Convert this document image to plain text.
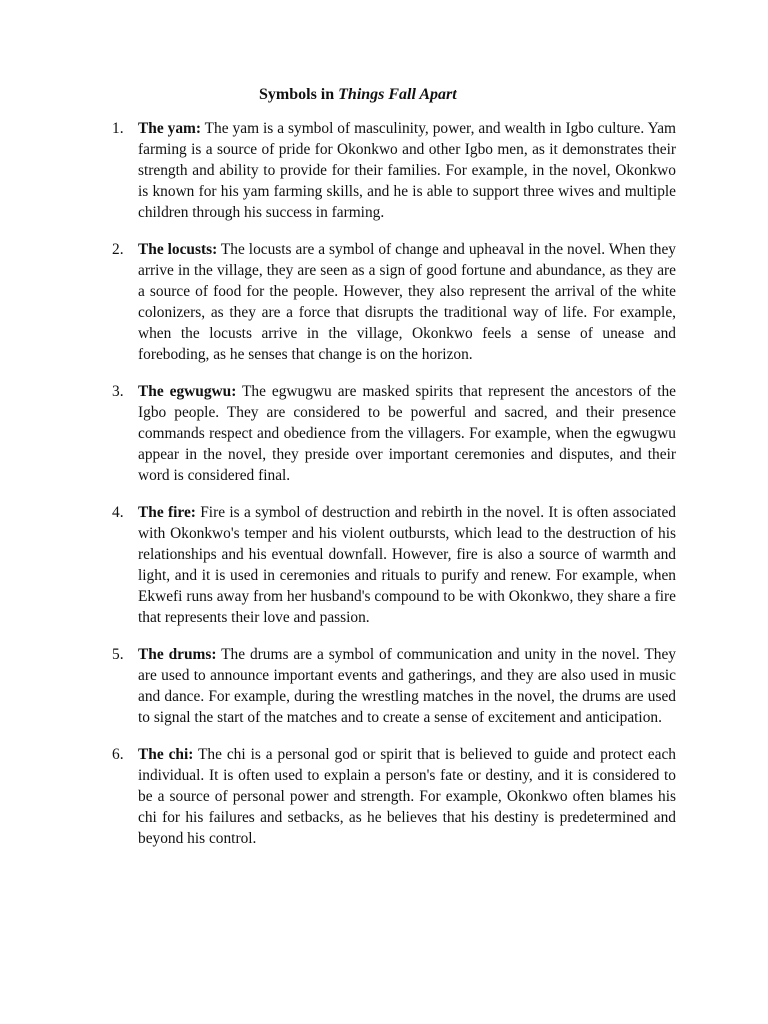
Symbols in Things Fall Apart
1. The yam: The yam is a symbol of masculinity, power, and wealth in Igbo culture. Yam farming is a source of pride for Okonkwo and other Igbo men, as it demonstrates their strength and ability to provide for their families. For example, in the novel, Okonkwo is known for his yam farming skills, and he is able to support three wives and multiple children through his success in farming.
2. The locusts: The locusts are a symbol of change and upheaval in the novel. When they arrive in the village, they are seen as a sign of good fortune and abundance, as they are a source of food for the people. However, they also represent the arrival of the white colonizers, as they are a force that disrupts the traditional way of life. For example, when the locusts arrive in the village, Okonkwo feels a sense of unease and foreboding, as he senses that change is on the horizon.
3. The egwugwu: The egwugwu are masked spirits that represent the ancestors of the Igbo people. They are considered to be powerful and sacred, and their presence commands respect and obedience from the villagers. For example, when the egwugwu appear in the novel, they preside over important ceremonies and disputes, and their word is considered final.
4. The fire: Fire is a symbol of destruction and rebirth in the novel. It is often associated with Okonkwo's temper and his violent outbursts, which lead to the destruction of his relationships and his eventual downfall. However, fire is also a source of warmth and light, and it is used in ceremonies and rituals to purify and renew. For example, when Ekwefi runs away from her husband's compound to be with Okonkwo, they share a fire that represents their love and passion.
5. The drums: The drums are a symbol of communication and unity in the novel. They are used to announce important events and gatherings, and they are also used in music and dance. For example, during the wrestling matches in the novel, the drums are used to signal the start of the matches and to create a sense of excitement and anticipation.
6. The chi: The chi is a personal god or spirit that is believed to guide and protect each individual. It is often used to explain a person's fate or destiny, and it is considered to be a source of personal power and strength. For example, Okonkwo often blames his chi for his failures and setbacks, as he believes that his destiny is predetermined and beyond his control.
